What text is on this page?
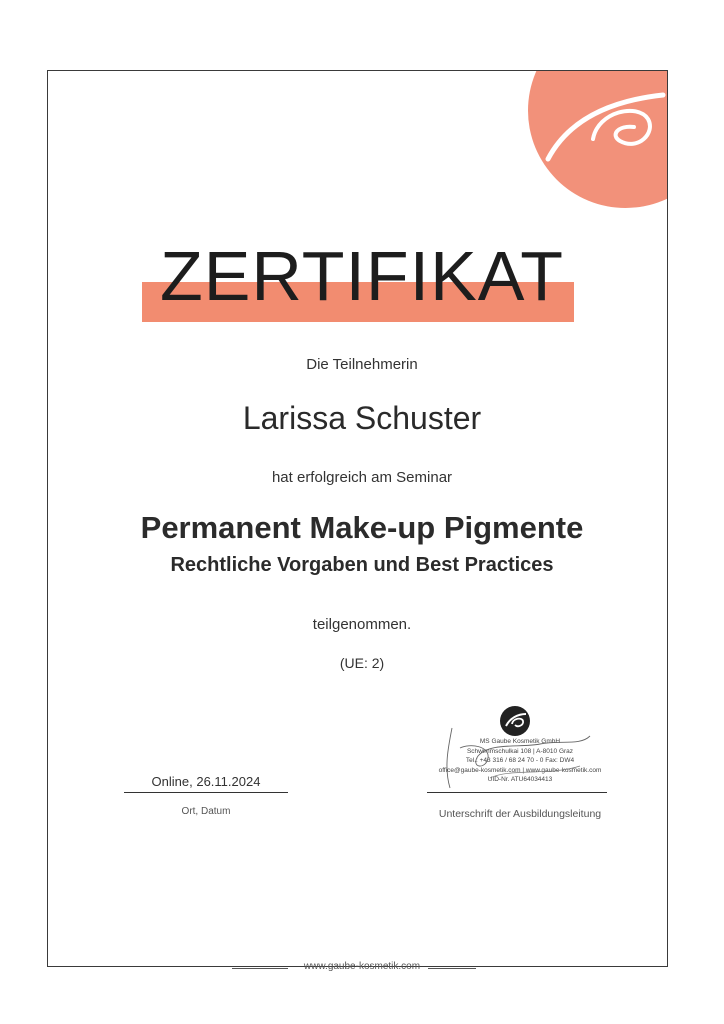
ZERTIFIKAT
Die Teilnehmerin
Larissa Schuster
hat erfolgreich am Seminar
Permanent Make-up Pigmente
Rechtliche Vorgaben und Best Practices
teilgenommen.
(UE: 2)
Online, 26.11.2024
Ort, Datum
MS Gaube Kosmetik GmbH
Schwimmschulkai 108 | A-8010 Graz
Tel.: +43 316 / 68 24 70 - 0 Fax: DW4
office@gaube-kosmetik.com | www.gaube-kosmetik.com
UID-Nr. ATU64034413
Unterschrift der Ausbildungsleitung
www.gaube-kosmetik.com
